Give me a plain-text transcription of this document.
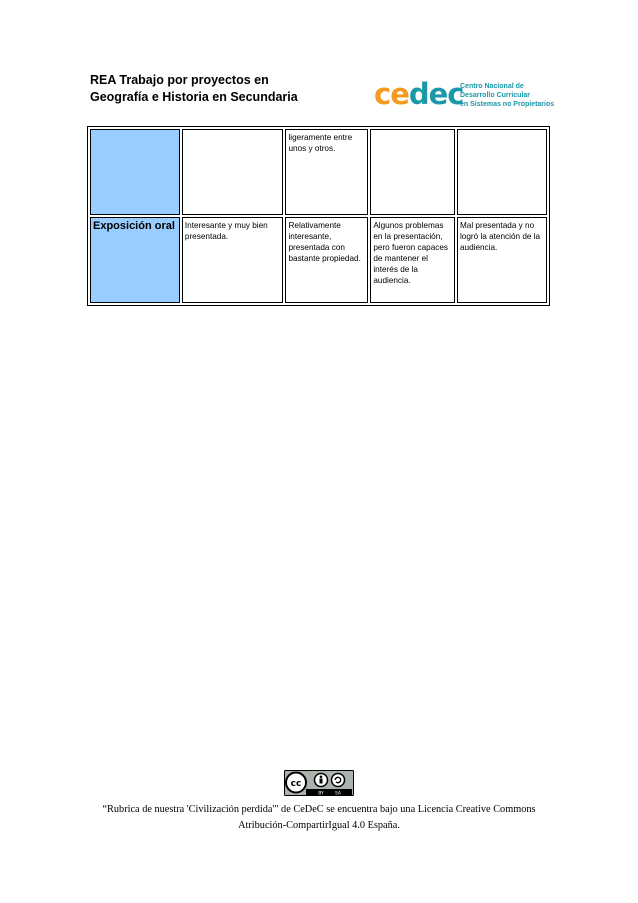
REA Trabajo por proyectos en
Geografía e Historia en Secundaria	cedec
Centro Nacional de
Desarrollo Curricular
en Sistemas no Propietarios
		ligeramente entre unos y otros.		
Exposición oral	Interesante y muy bien presentada.	Relativamente interesante, presentada con bastante propiedad.	Algunos problemas en la presentación, pero fueron capaces de mantener el interés de la audiencia.	Mal presentada y no logró la atención de la audiencia.
cc
BY SA
“Rubrica de nuestra 'Civilización perdida'" de CeDeC se encuentra bajo una Licencia Creative Commons
Atribución-CompartirIgual 4.0 España.
